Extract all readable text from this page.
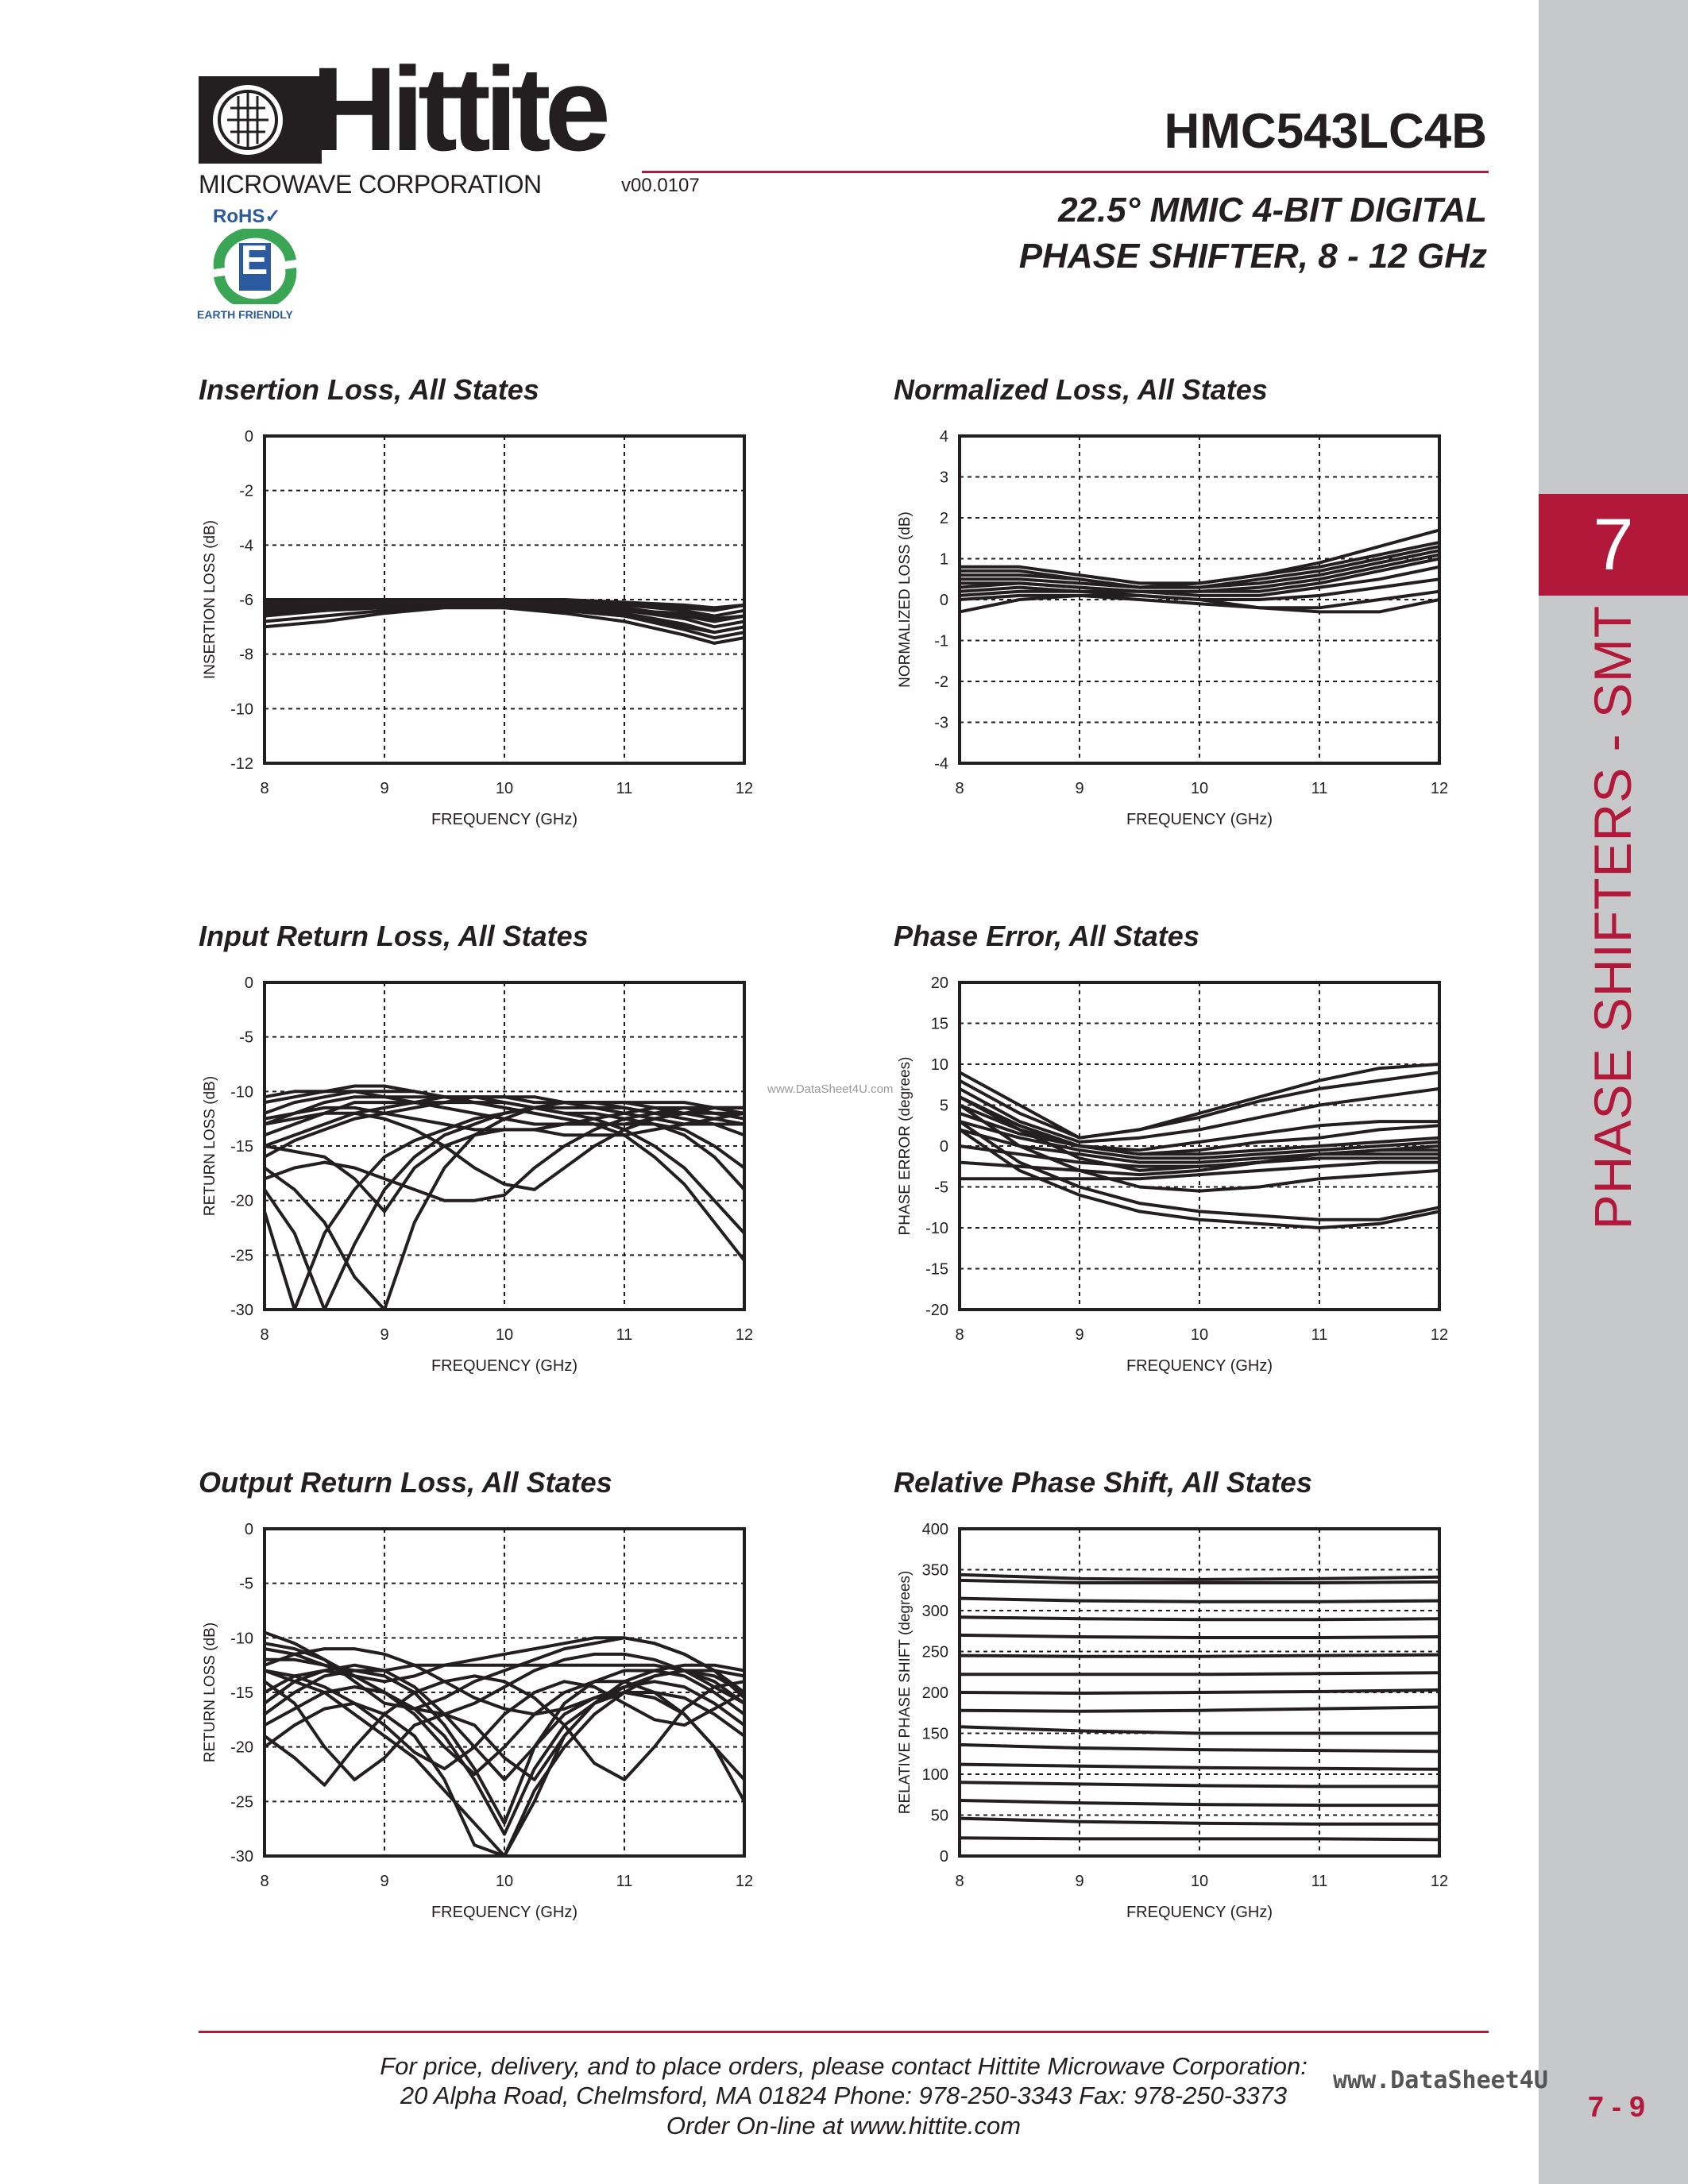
Hittite
MICROWAVE CORPORATION	v00.0107
RoHS✓
E
EARTH FRIENDLY
HMC543LC4B
22.5° MMIC 4-BIT DIGITAL
PHASE SHIFTER, 8 - 12 GHz
7
PHASE SHIFTERS - SMT
7 - 9
Insertion Loss, All States	Normalized Loss, All States
Input Return Loss, All States	Phase Error, All States
Output Return Loss, All States	Relative Phase Shift, All States
8	9	10	11	12
-12
-10
-8
-6
-4
-2
0
FREQUENCY (GHz)
INSERTION LOSS (dB)
8	9	10	11	12
-4
-3
-2
-1
0
1
2
3
4
FREQUENCY (GHz)
NORMALIZED LOSS (dB)
8	9	10	11	12
-30
-25
-20
-15
-10
-5
0
FREQUENCY (GHz)
RETURN LOSS (dB)
8	9	10	11	12
-20
-15
-10
-5
0
5
10
15
20
FREQUENCY (GHz)
PHASE ERROR (degrees)
8	9	10	11	12
-30
-25
-20
-15
-10
-5
0
FREQUENCY (GHz)
RETURN LOSS (dB)
8	9	10	11	12
0
50
100
150
200
250
300
350
400
FREQUENCY (GHz)
RELATIVE PHASE SHIFT (degrees)
www.DataSheet4U.com
For price, delivery, and to place orders, please contact Hittite Microwave Corporation:
20 Alpha Road, Chelmsford, MA 01824 Phone: 978-250-3343 Fax: 978-250-3373
Order On-line at www.hittite.com
www.DataSheet4U
